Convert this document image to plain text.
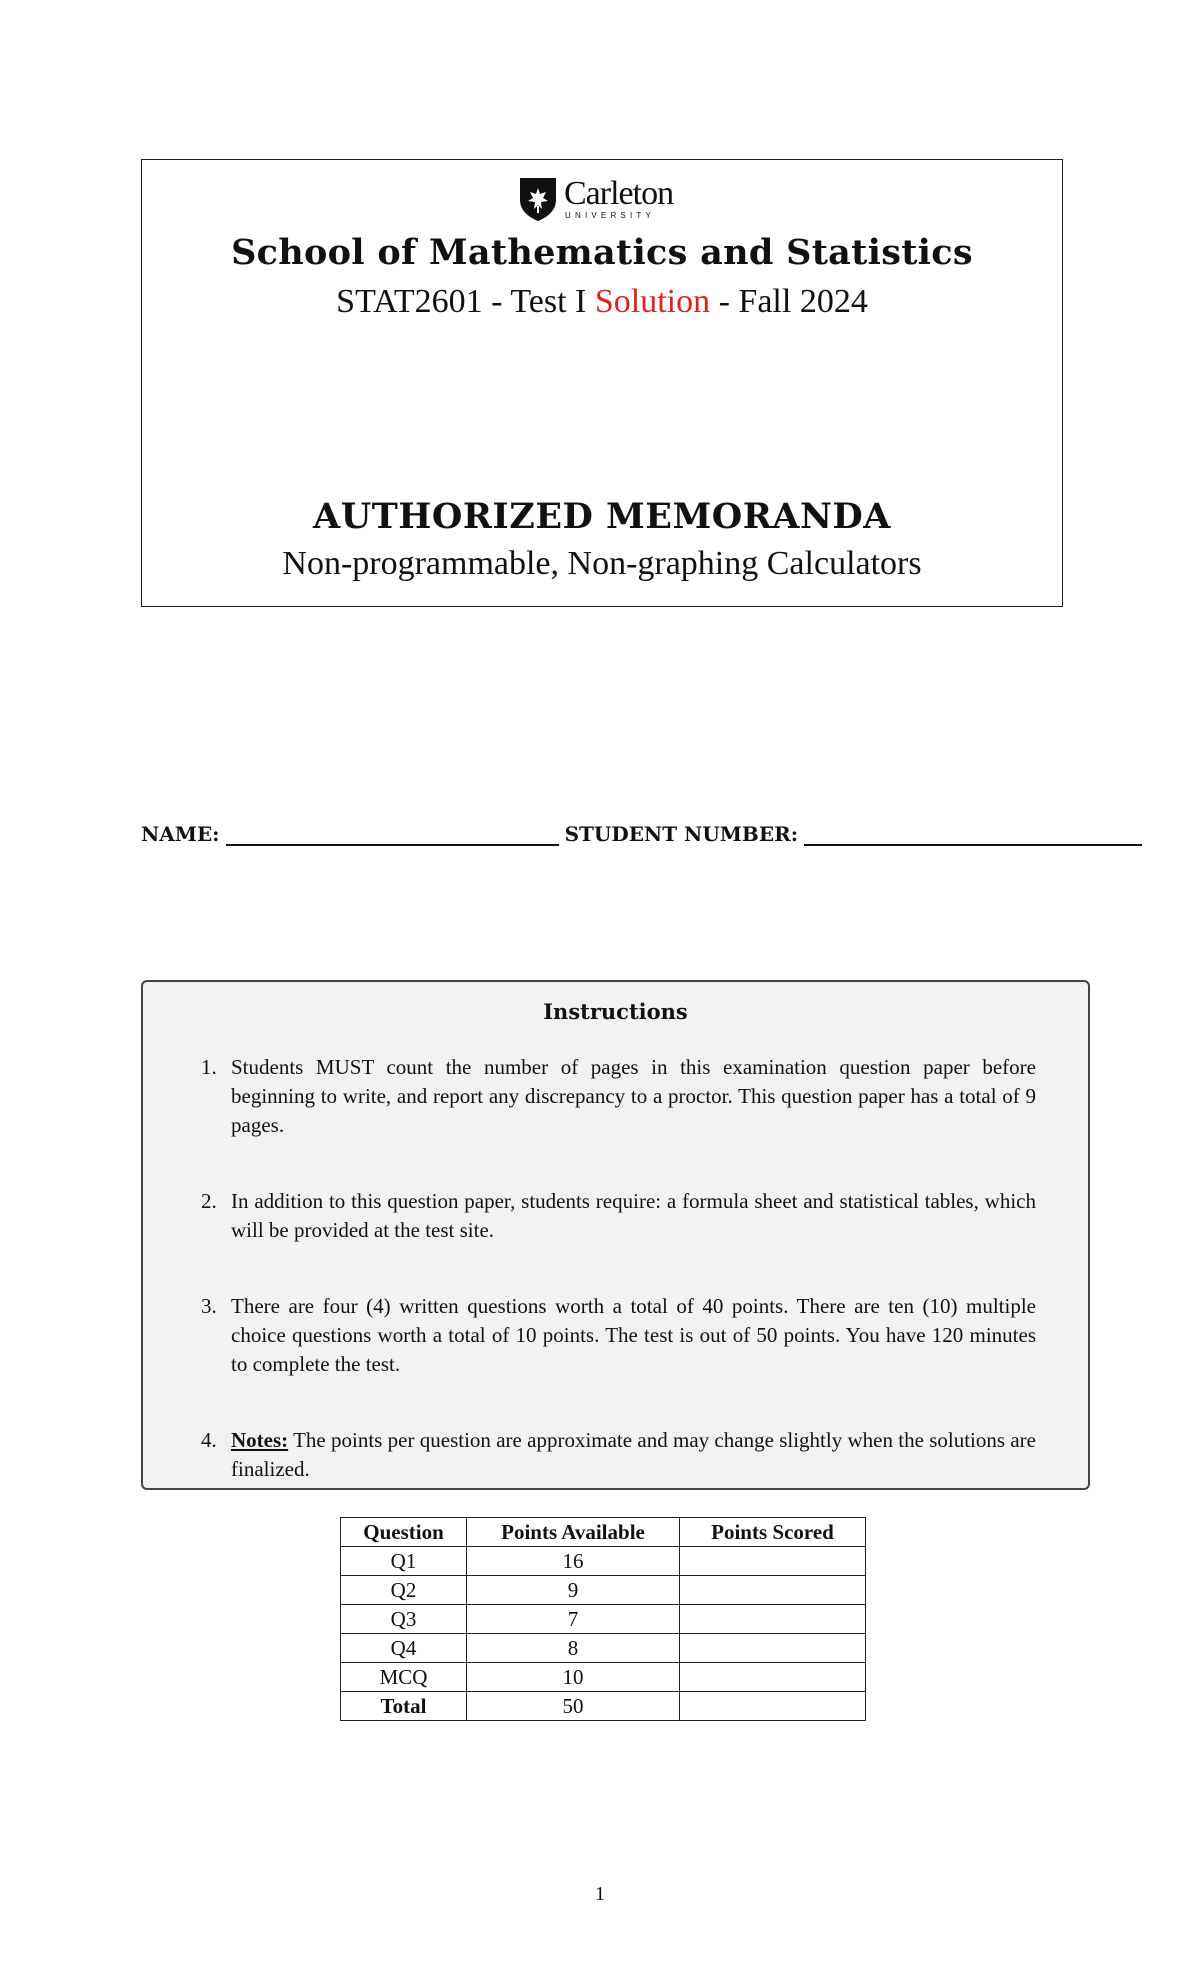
Carleton
UNIVERSITY
School of Mathematics and Statistics
STAT2601 - Test I Solution - Fall 2024
AUTHORIZED MEMORANDA
Non-programmable, Non-graphing Calculators
NAME:	STUDENT NUMBER:
Instructions
1. Students MUST count the number of pages in this examination question paper before beginning to write, and report any discrepancy to a proctor. This question paper has a total of 9 pages.
2. In addition to this question paper, students require: a formula sheet and statistical tables, which will be provided at the test site.
3. There are four (4) written questions worth a total of 40 points. There are ten (10) multiple choice questions worth a total of 10 points. The test is out of 50 points. You have 120 minutes to complete the test.
4. Notes: The points per question are approximate and may change slightly when the solutions are finalized.
Question	Points Available	Points Scored
Q1	16	
Q2	9	
Q3	7	
Q4	8	
MCQ	10	
Total	50	
1
